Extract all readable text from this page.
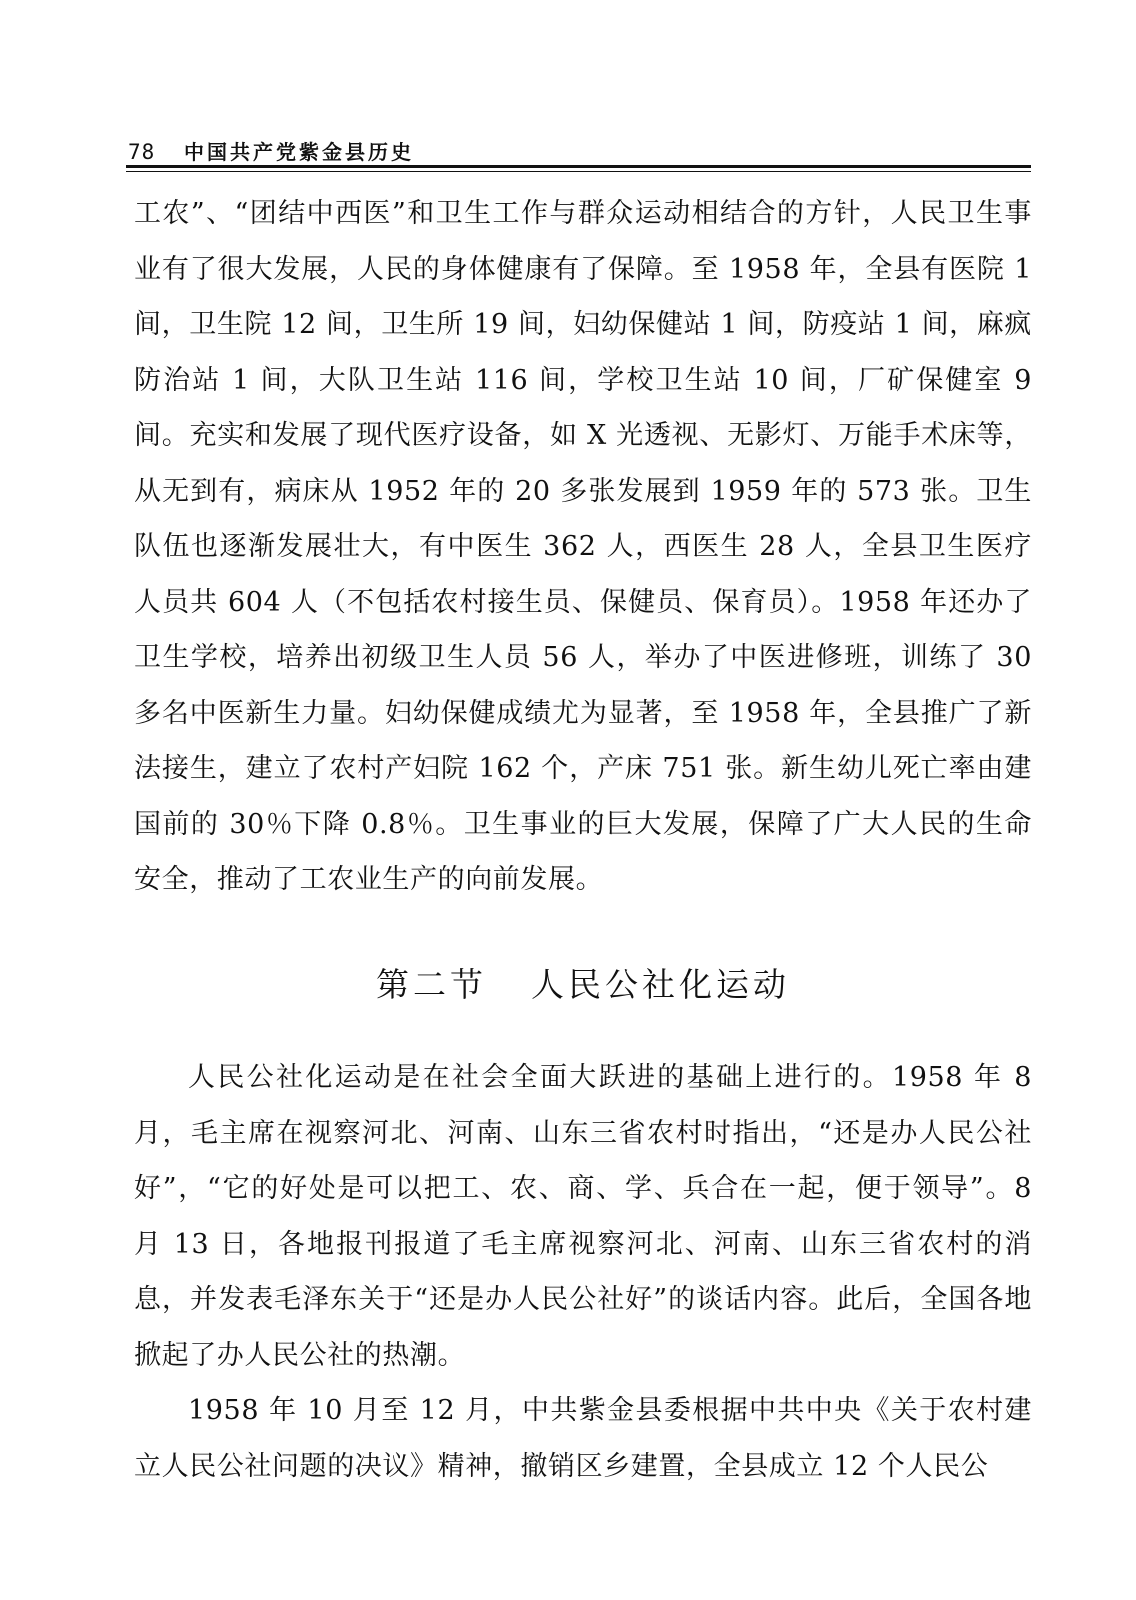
78	中国共产党紫金县历史

工农”、“团结中西医”和卫生工作与群众运动相结合的方针，人民卫生事业有了很大发展，人民的身体健康有了保障。至 1958 年，全县有医院 1 间，卫生院 12 间，卫生所 19 间，妇幼保健站 1 间，防疫站 1 间，麻疯防治站 1 间，大队卫生站 116 间，学校卫生站 10 间，厂矿保健室 9 间。充实和发展了现代医疗设备，如 X 光透视、无影灯、万能手术床等，从无到有，病床从 1952 年的 20 多张发展到 1959 年的 573 张。卫生队伍也逐渐发展壮大，有中医生 362 人，西医生 28 人，全县卫生医疗人员共 604 人（不包括农村接生员、保健员、保育员）。1958 年还办了卫生学校，培养出初级卫生人员 56 人，举办了中医进修班，训练了 30 多名中医新生力量。妇幼保健成绩尤为显著，至 1958 年，全县推广了新法接生，建立了农村产妇院 162 个，产床 751 张。新生幼儿死亡率由建国前的 30％下降 0.8％。卫生事业的巨大发展，保障了广大人民的生命安全，推动了工农业生产的向前发展。

第二节 人民公社化运动

人民公社化运动是在社会全面大跃进的基础上进行的。1958 年 8 月，毛主席在视察河北、河南、山东三省农村时指出，“还是办人民公社好”，“它的好处是可以把工、农、商、学、兵合在一起，便于领导”。8 月 13 日，各地报刊报道了毛主席视察河北、河南、山东三省农村的消息，并发表毛泽东关于“还是办人民公社好”的谈话内容。此后，全国各地掀起了办人民公社的热潮。

1958 年 10 月至 12 月，中共紫金县委根据中共中央《关于农村建立人民公社问题的决议》精神，撤销区乡建置，全县成立 12 个人民公
